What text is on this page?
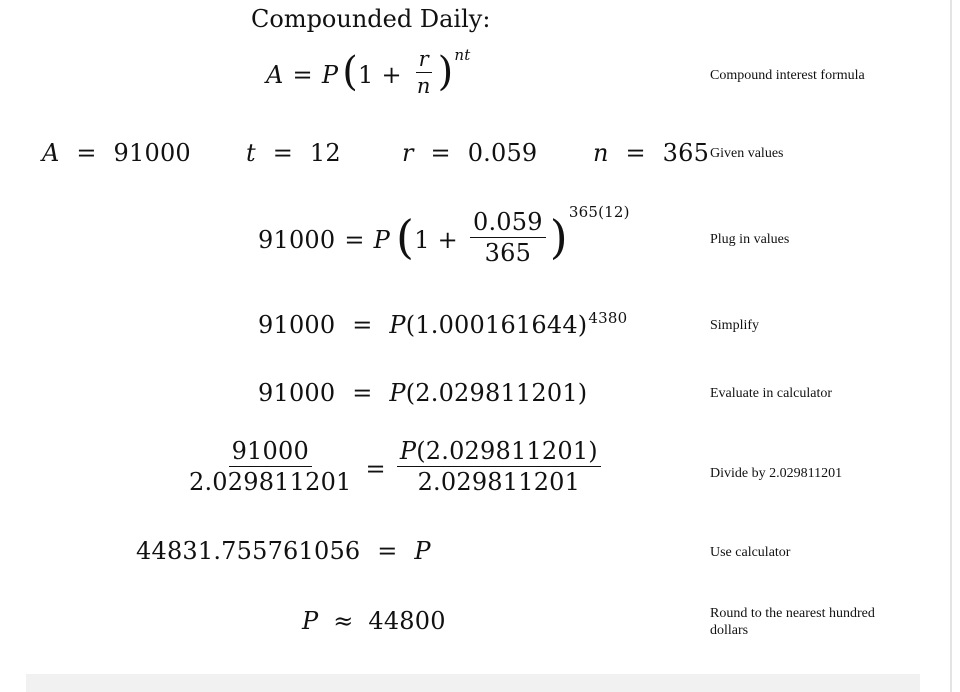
Compounded Daily:
A = P ( $1 + \frac{r}{n}$ ) nt
Compound interest formula
A = 91000 t = 12	r = 0.059 n = 365 Given values
91000 = P ( $1 + \frac{0.059}{365}$ ) 365(12)
Plug in values
$91000 = P(1.000161644)^{4380}$	Simplify
91000 = P(2.029811201)	Evaluate in calculator
$\frac{91000}{2.029811201} = \frac{P(2.029811201)}{2.029811201}$	Divide by 2.029811201
44831.755761056 = P	Use calculator
P ≈ 44800	Round to the nearest hundred dollars
